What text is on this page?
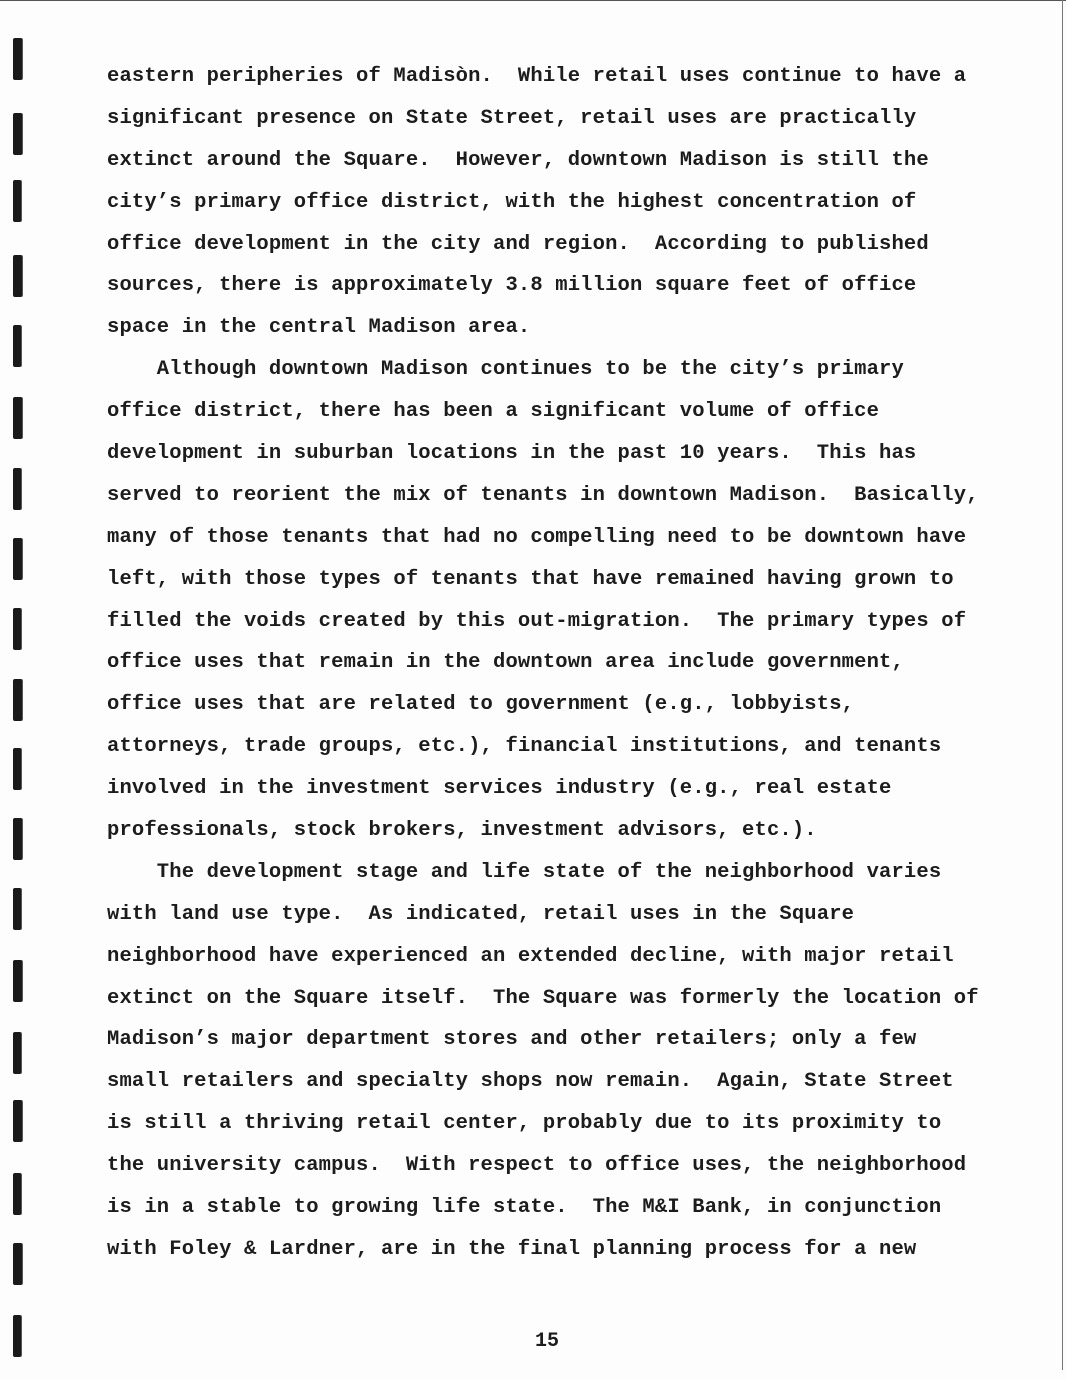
eastern peripheries of Madisòn.  While retail uses continue to have a
significant presence on State Street, retail uses are practically
extinct around the Square.  However, downtown Madison is still the
city’s primary office district, with the highest concentration of
office development in the city and region.  According to published
sources, there is approximately 3.8 million square feet of office
space in the central Madison area.
Although downtown Madison continues to be the city’s primary
office district, there has been a significant volume of office
development in suburban locations in the past 10 years.  This has
served to reorient the mix of tenants in downtown Madison.  Basically,
many of those tenants that had no compelling need to be downtown have
left, with those types of tenants that have remained having grown to
filled the voids created by this out-migration.  The primary types of
office uses that remain in the downtown area include government,
office uses that are related to government (e.g., lobbyists,
attorneys, trade groups, etc.), financial institutions, and tenants
involved in the investment services industry (e.g., real estate
professionals, stock brokers, investment advisors, etc.).
The development stage and life state of the neighborhood varies
with land use type.  As indicated, retail uses in the Square
neighborhood have experienced an extended decline, with major retail
extinct on the Square itself.  The Square was formerly the location of
Madison’s major department stores and other retailers; only a few
small retailers and specialty shops now remain.  Again, State Street
is still a thriving retail center, probably due to its proximity to
the university campus.  With respect to office uses, the neighborhood
is in a stable to growing life state.  The M&I Bank, in conjunction
with Foley & Lardner, are in the final planning process for a new
15
